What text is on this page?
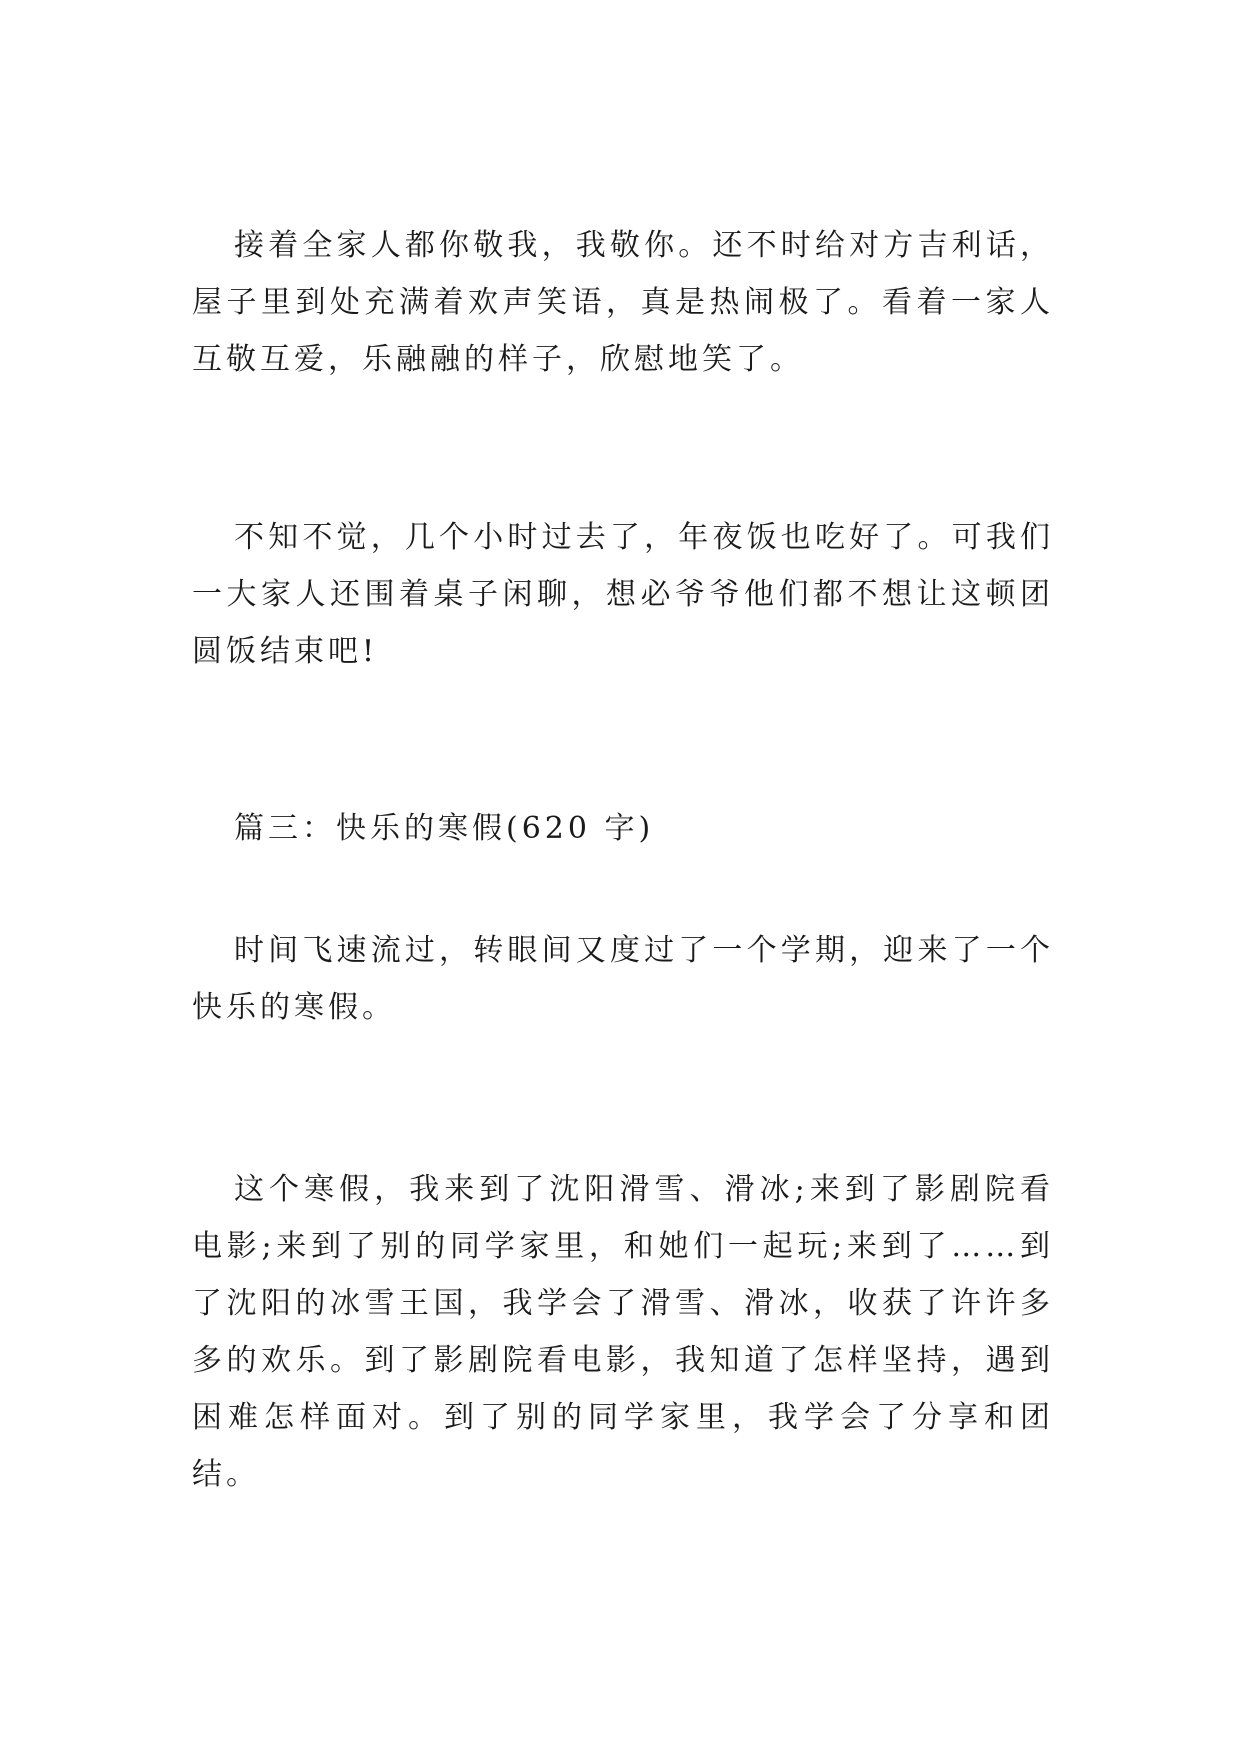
接着全家人都你敬我，我敬你。还不时给对方吉利话，屋子里到处充满着欢声笑语，真是热闹极了。看着一家人互敬互爱，乐融融的样子，欣慰地笑了。

不知不觉，几个小时过去了，年夜饭也吃好了。可我们一大家人还围着桌子闲聊，想必爷爷他们都不想让这顿团圆饭结束吧!

篇三：快乐的寒假(620 字)

时间飞速流过，转眼间又度过了一个学期，迎来了一个快乐的寒假。

这个寒假，我来到了沈阳滑雪、滑冰;来到了影剧院看电影;来到了别的同学家里，和她们一起玩;来到了……到了沈阳的冰雪王国，我学会了滑雪、滑冰，收获了许许多多的欢乐。到了影剧院看电影，我知道了怎样坚持，遇到困难怎样面对。到了别的同学家里，我学会了分享和团结。
